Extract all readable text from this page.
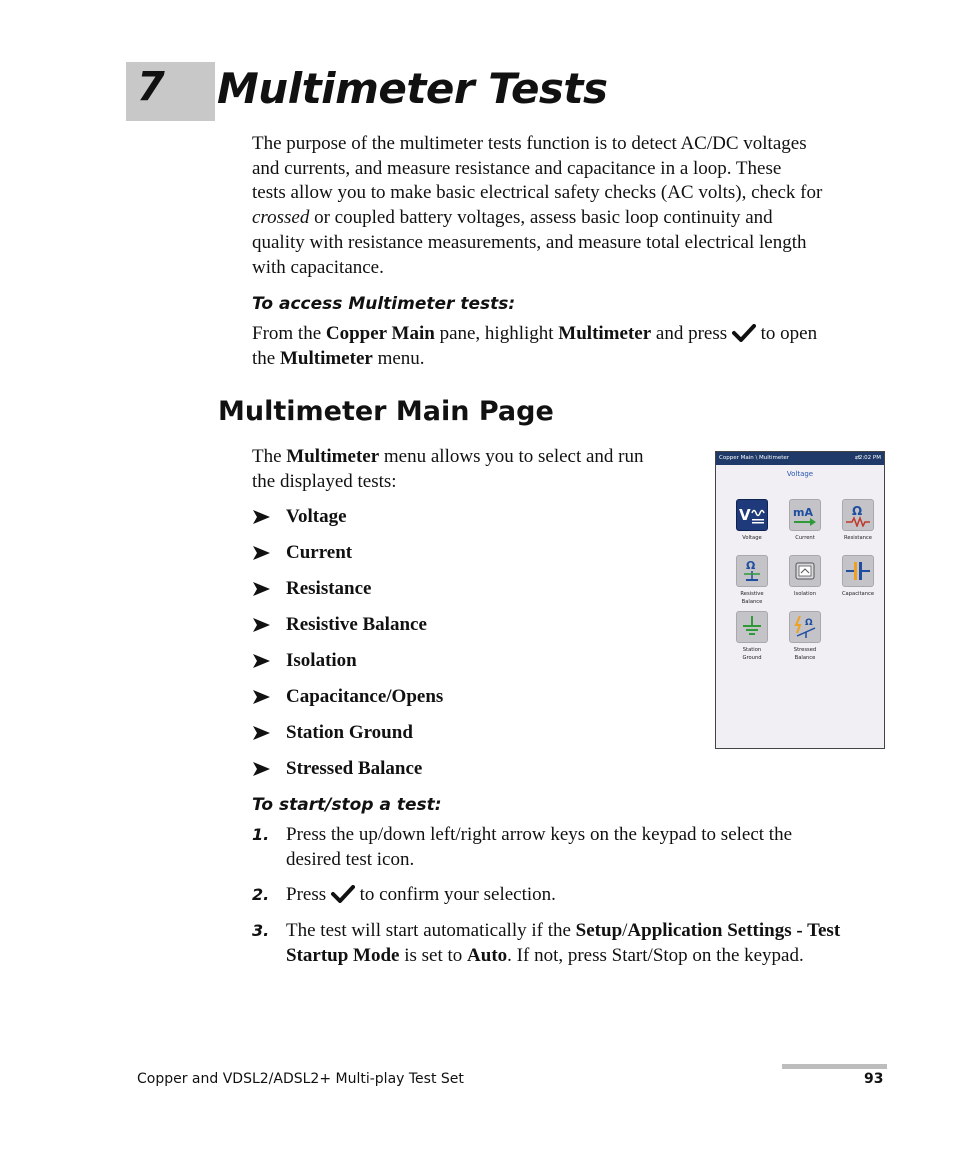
7 Multimeter Tests
The purpose of the multimeter tests function is to detect AC/DC voltages
and currents, and measure resistance and capacitance in a loop. These
tests allow you to make basic electrical safety checks (AC volts), check for
crossed or coupled battery voltages, assess basic loop continuity and
quality with resistance measurements, and measure total electrical length
with capacitance.
To access Multimeter tests:
From the Copper Main pane, highlight Multimeter and press  to open
the Multimeter menu.
Multimeter Main Page
The Multimeter menu allows you to select and run
the displayed tests:
Voltage
Current
Resistance
Resistive Balance
Isolation
Capacitance/Opens
Station Ground
Stressed Balance
Copper Main \ Multimeter	⇄
2:02 PM
Voltage
V
Voltage
mA
Current
Ω
Resistance
Ω
Resistive
Balance
Isolation	Capacitance
Station
Ground
Ω
Stressed
Balance
To start/stop a test:
1. Press the up/down left/right arrow keys on the keypad to select the
desired test icon.
2. Press  to confirm your selection.
3. The test will start automatically if the Setup/Application Settings - Test
Startup Mode is set to Auto. If not, press Start/Stop on the keypad.
Copper and VDSL2/ADSL2+ Multi-play Test Set	93
